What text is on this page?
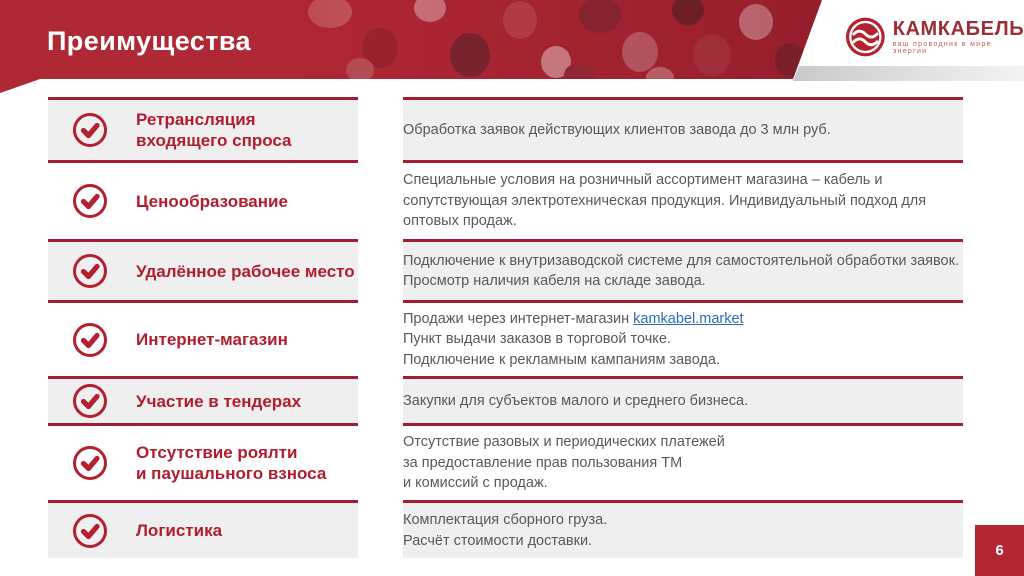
Преимущества	КАМКАБЕЛЬ
ваш проводник в мире энергии
Ретрансляция
входящего спроса
Обработка заявок действующих клиентов завода до 3 млн руб.
Ценообразование
Специальные условия на розничный ассортимент магазина – кабель и
сопутствующая электротехническая продукция. Индивидуальный подход для
оптовых продаж.
Удалённое рабочее место
Подключение к внутризаводской системе для самостоятельной обработки заявок.
Просмотр наличия кабеля на складе завода.
Интернет-магазин
Продажи через интернет-магазин kamkabel.market
Пункт выдачи заказов в торговой точке.
Подключение к рекламным кампаниям завода.
Участие в тендерах	Закупки для субъектов малого и среднего бизнеса.
Отсутствие роялти
и паушального взноса
Отсутствие разовых и периодических платежей
за предоставление прав пользования ТМ
и комиссий с продаж.
Логистика
Комплектация сборного груза.
Расчёт стоимости доставки.
6
